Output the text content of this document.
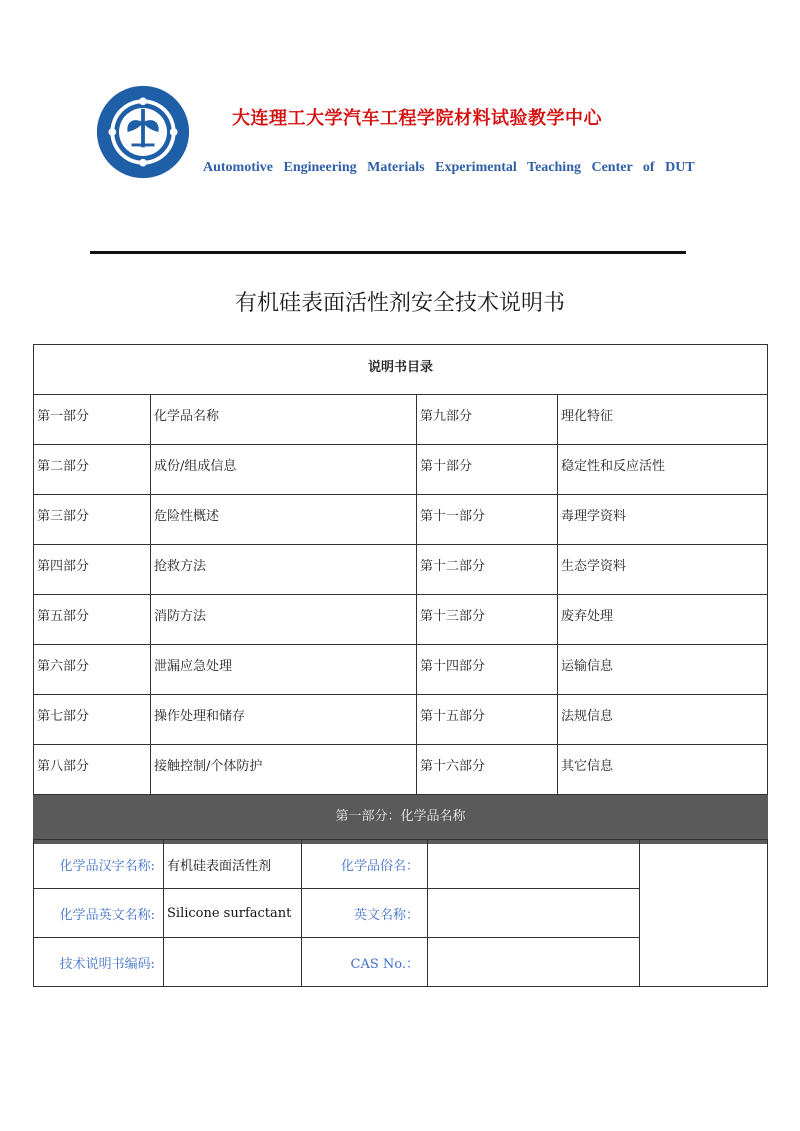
大连理工大学汽车工程学院材料试验教学中心
Automotive Engineering Materials Experimental Teaching Center of DUT
有机硅表面活性剂安全技术说明书
说明书目录			
第一部分	化学品名称	第九部分	理化特征
第二部分	成份/组成信息	第十部分	稳定性和反应活性
第三部分	危险性概述	第十一部分	毒理学资料
第四部分	抢救方法	第十二部分	生态学资料
第五部分	消防方法	第十三部分	废弃处理
第六部分	泄漏应急处理	第十四部分	运输信息
第七部分	操作处理和储存	第十五部分	法规信息
第八部分	接触控制/个体防护	第十六部分	其它信息
第一部分：化学品名称			
化学品汉字名称:	有机硅表面活性剂	化学品俗名：		
化学品英文名称:	Silicone surfactant	英文名称：		
技术说明书编码:		CAS No.：		
